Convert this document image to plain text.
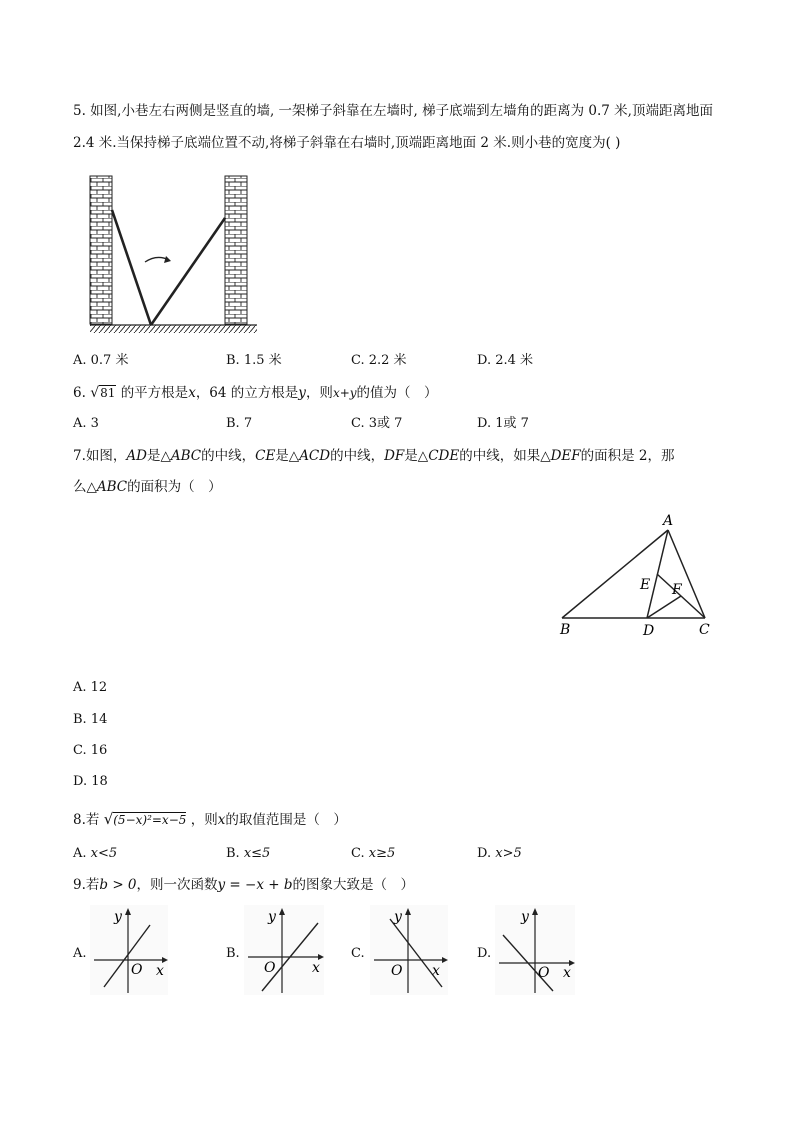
5. 如图,小巷左右两侧是竖直的墙, 一架梯子斜靠在左墙时, 梯子底端到左墙角的距离为 0.7 米,顶端距离地面
2.4 米.当保持梯子底端位置不动,将梯子斜靠在右墙时,顶端距离地面 2 米.则小巷的宽度为( )
A. 0.7 米	B. 1.5 米	C. 2.2 米	D. 2.4 米
6. √81 的平方根是x，64 的立方根是y，则x+y的值为（　）
A. 3	B. 7	C. 3或 7	D. 1或 7
7.如图，AD是△ABC的中线，CE是△ACD的中线，DF是△CDE的中线，如果△DEF的面积是 2，那
么△ABC的面积为（　）
A
B	C
D
E F
A. 12
B. 14
C. 16
D. 18
8.若 √(5−x)²=x−5 ，则x的取值范围是（　）
A. x<5	B. x≤5	C. x≥5	D. x>5
9.若b > 0，则一次函数y = −x + b的图象大致是（　）
A.	B.	C.	D.
y
x
O
y
x
O
y
x
O
y
x
O
